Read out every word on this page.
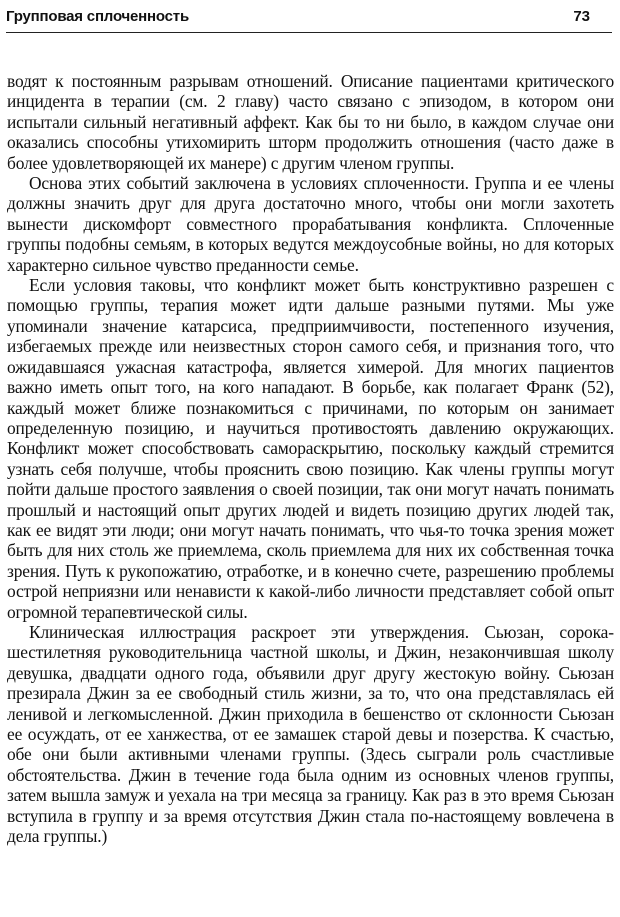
Групповая сплоченность	73

водят к постоянным разрывам отношений. Описание пациентами критического инцидента в терапии (см. 2 главу) часто связано с эпизодом, в котором они испытали сильный негативный аффект. Как бы то ни было, в каждом случае они оказались способны утихомирить шторм продолжить отношения (часто даже в более удовлетворяющей их манере) с другим членом группы.

Основа этих событий заключена в условиях сплоченности. Группа и ее члены должны значить друг для друга достаточно много, чтобы они могли захотеть вынести дискомфорт совместного прорабатывания конфликта. Сплоченные группы подобны семьям, в которых ведутся междоусобные войны, но для которых характерно сильное чувство преданности семье.

Если условия таковы, что конфликт может быть конструктивно разрешен с помощью группы, терапия может идти дальше разными путями. Мы уже упоминали значение катарсиса, предприимчивости, постепенного изучения, избегаемых прежде или неизвестных сторон самого себя, и признания того, что ожидавшаяся ужасная катастрофа, является химерой. Для многих пациентов важно иметь опыт того, на кого нападают. В борьбе, как полагает Франк (52), каждый может ближе познакомиться с причинами, по которым он занимает определенную позицию, и научиться противостоять давлению окружающих. Конфликт может способствовать самораскрытию, поскольку каждый стремится узнать себя получше, чтобы прояснить свою позицию. Как члены группы могут пойти дальше простого заявления о своей позиции, так они могут начать понимать прошлый и настоящий опыт других людей и видеть позицию других людей так, как ее видят эти люди; они могут начать понимать, что чья-то точка зрения может быть для них столь же приемлема, сколь приемлема для них их собственная точка зрения. Путь к рукопожатию, отработке, и в конечно счете, разрешению проблемы острой неприязни или ненависти к какой-либо личности представляет собой опыт огромной терапевтической силы.

Клиническая иллюстрация раскроет эти утверждения. Сьюзан, сорокашестилетняя руководительница частной школы, и Джин, незакончившая школу девушка, двадцати одного года, объявили друг другу жестокую войну. Сьюзан презирала Джин за ее свободный стиль жизни, за то, что она представлялась ей ленивой и легкомысленной. Джин приходила в бешенство от склонности Сьюзан ее осуждать, от ее ханжества, от ее замашек старой девы и позерства. К счастью, обе они были активными членами группы. (Здесь сыграли роль счастливые обстоятельства. Джин в течение года была одним из основных членов группы, затем вышла замуж и уехала на три месяца за границу. Как раз в это время Сьюзан вступила в группу и за время отсутствия Джин стала по-настоящему вовлечена в дела группы.)
